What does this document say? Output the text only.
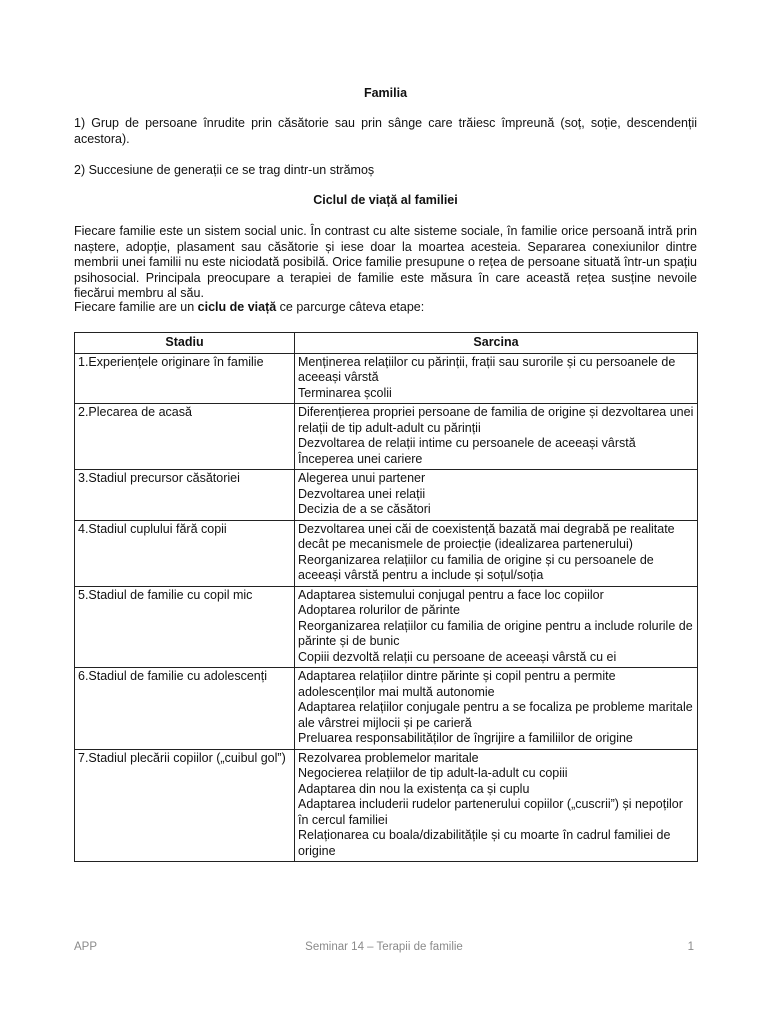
Familia
1) Grup de persoane înrudite prin căsătorie sau prin sânge care trăiesc împreună (soț, soție, descendenții acestora).
2) Succesiune de generații ce se trag dintr-un strămoș
Ciclul de viață al familiei
Fiecare familie este un sistem social unic. În contrast cu alte sisteme sociale, în familie orice persoană intră prin naștere, adopție, plasament sau căsătorie și iese doar la moartea acesteia. Separarea conexiunilor dintre membrii unei familii nu este niciodată posibilă. Orice familie presupune o rețea de persoane situată într-un spațiu psihosocial. Principala preocupare a terapiei de familie este măsura în care această rețea susține nevoile fiecărui membru al său.
Fiecare familie are un ciclu de viață ce parcurge câteva etape:
Stadiu	Sarcina
1.Experiențele originare în familie	Menținerea relațiilor cu părinții, frații sau surorile și cu persoanele de aceeași vârstă
Terminarea școlii

2.Plecarea de acasă	Diferențierea propriei persoane de familia de origine și dezvoltarea unei relații de tip adult-adult cu părinții
Dezvoltarea de relații intime cu persoanele de aceeași vârstă
Începerea unei cariere

3.Stadiul precursor căsătoriei	Alegerea unui partener
Dezvoltarea unei relații
Decizia de a se căsători

4.Stadiul cuplului fără copii	Dezvoltarea unei căi de coexistență bazată mai degrabă pe realitate decât pe mecanismele de proiecție (idealizarea partenerului)
Reorganizarea relațiilor cu familia de origine și cu persoanele de aceeași vârstă pentru a include și soțul/soția

5.Stadiul de familie cu copil mic	Adaptarea sistemului conjugal pentru a face loc copiilor
Adoptarea rolurilor de părinte
Reorganizarea relațiilor cu familia de origine pentru a include rolurile de părinte și de bunic
Copiii dezvoltă relații cu persoane de aceeași vârstă cu ei

6.Stadiul de familie cu adolescenți	Adaptarea relațiilor dintre părinte și copil pentru a permite adolescenților mai multă autonomie
Adaptarea relațiilor conjugale pentru a se focaliza pe probleme maritale ale vârstrei mijlocii și pe carieră
Preluarea responsabilităților de îngrijire a familiilor de origine

7.Stadiul plecării copiilor („cuibul gol”)	Rezolvarea problemelor maritale
Negocierea relațiilor de tip adult-la-adult cu copiii
Adaptarea din nou la existența ca și cuplu
Adaptarea includerii rudelor partenerului copiilor („cuscrii”) și nepoților în cercul familiei
Relaționarea cu boala/dizabilitățile și cu moarte în cadrul familiei de origine
APP	Seminar 14 – Terapii de familie	1
